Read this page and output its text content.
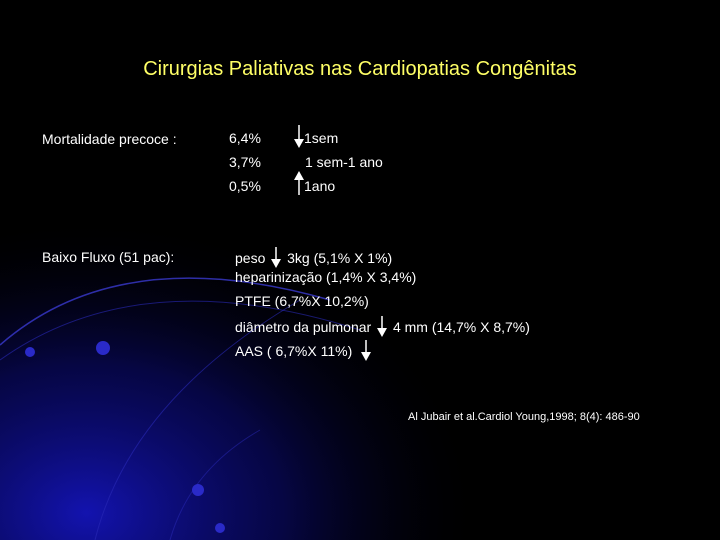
Cirurgias Paliativas nas Cardiopatias Congênitas
Mortalidade precoce :	6,4%
3,7%
0,5%
1sem
1 sem-1 ano
1ano
Baixo Fluxo (51 pac):	peso 3kg (5,1% X 1%)
heparinização (1,4% X 3,4%)
PTFE (6,7%X 10,2%)
diâmetro da pulmonar 4 mm (14,7% X 8,7%)
AAS ( 6,7%X 11%)
Al Jubair et al.Cardiol Young,1998; 8(4): 486-90
